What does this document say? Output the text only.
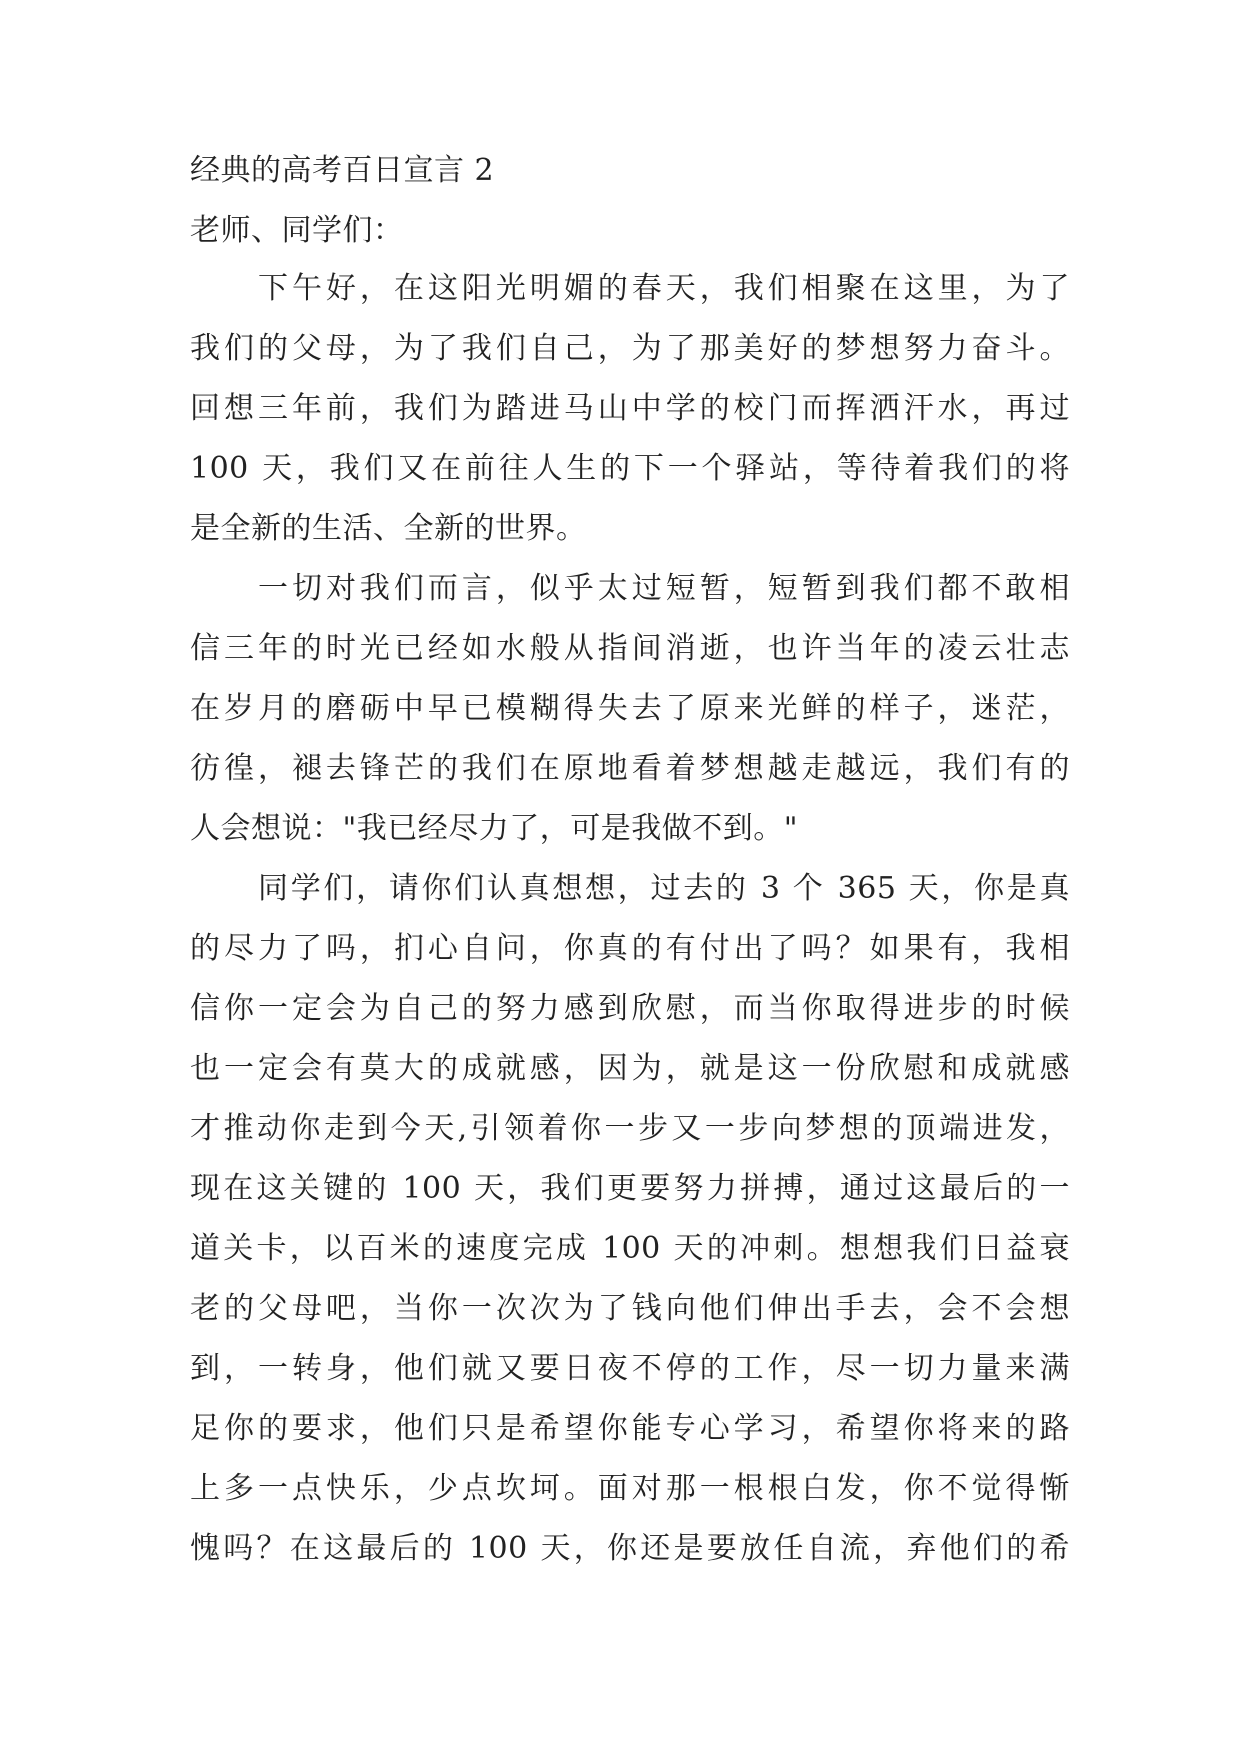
经典的高考百日宣言 2
老师、同学们：
下午好，在这阳光明媚的春天，我们相聚在这里，为了
我们的父母，为了我们自己，为了那美好的梦想努力奋斗。
回想三年前，我们为踏进马山中学的校门而挥洒汗水，再过
100 天，我们又在前往人生的下一个驿站，等待着我们的将
是全新的生活、全新的世界。
一切对我们而言，似乎太过短暂，短暂到我们都不敢相
信三年的时光已经如水般从指间消逝，也许当年的凌云壮志
在岁月的磨砺中早已模糊得失去了原来光鲜的样子，迷茫，
彷徨，褪去锋芒的我们在原地看着梦想越走越远，我们有的
人会想说："我已经尽力了，可是我做不到。"
同学们，请你们认真想想，过去的 3 个 365 天，你是真
的尽力了吗，扪心自问，你真的有付出了吗？如果有，我相
信你一定会为自己的努力感到欣慰，而当你取得进步的时候
也一定会有莫大的成就感，因为，就是这一份欣慰和成就感
才推动你走到今天,引领着你一步又一步向梦想的顶端进发，
现在这关键的 100 天，我们更要努力拼搏，通过这最后的一
道关卡，以百米的速度完成 100 天的冲刺。想想我们日益衰
老的父母吧，当你一次次为了钱向他们伸出手去，会不会想
到，一转身，他们就又要日夜不停的工作，尽一切力量来满
足你的要求，他们只是希望你能专心学习，希望你将来的路
上多一点快乐，少点坎坷。面对那一根根白发，你不觉得惭
愧吗？在这最后的 100 天，你还是要放任自流，弃他们的希
